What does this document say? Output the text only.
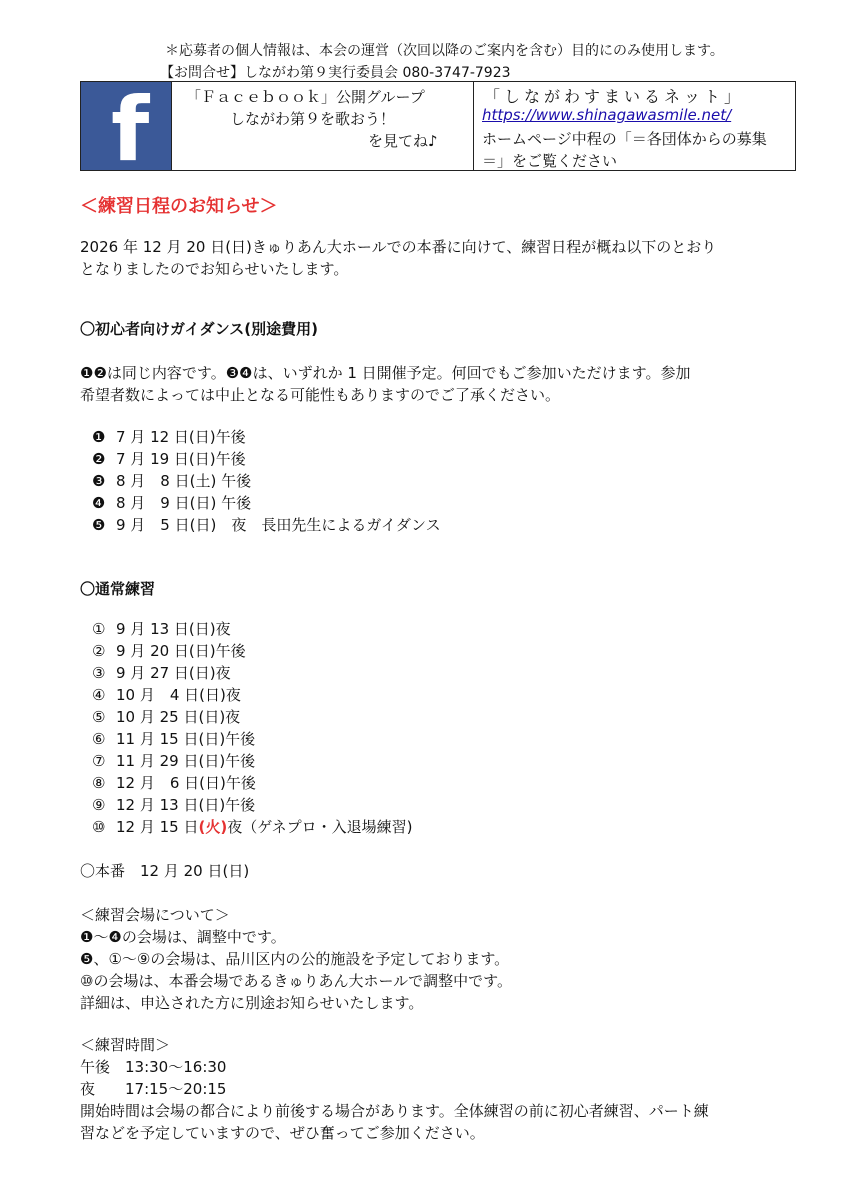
＊応募者の個人情報は、本会の運営（次回以降のご案内を含む）目的にのみ使用します。
【お問合せ】しながわ第９実行委員会 080-3747-7923
f 「Ｆａｃｅｂｏｏｋ」公開グループ
しながわ第９を歌おう！
を見てね♪
「しながわすまいるネット」
https://www.shinagawasmile.net/
ホームページ中程の「＝各団体からの募集
＝」をご覧ください
＜練習日程のお知らせ＞
2026 年 12 月 20 日(日)きゅりあん大ホールでの本番に向けて、練習日程が概ね以下のとおり
となりましたのでお知らせいたします。
〇初心者向けガイダンス(別途費用)
❶❷は同じ内容です。❸❹は、いずれか 1 日開催予定。何回でもご参加いただけます。参加
希望者数によっては中止となる可能性もありますのでご了承ください。
❶ 7 月 12 日(日)午後
❷ 7 月 19 日(日)午後
❸ 8 月　8 日(土) 午後
❹ 8 月　9 日(日) 午後
❺ 9 月　5 日(日)　夜　長田先生によるガイダンス
〇通常練習
① 9 月 13 日(日)夜
② 9 月 20 日(日)午後
③ 9 月 27 日(日)夜
④ 10 月　4 日(日)夜
⑤ 10 月 25 日(日)夜
⑥ 11 月 15 日(日)午後
⑦ 11 月 29 日(日)午後
⑧ 12 月　6 日(日)午後
⑨ 12 月 13 日(日)午後
⑩ 12 月 15 日(火)夜（ゲネプロ・入退場練習)
〇本番　12 月 20 日(日)
＜練習会場について＞
❶～❹の会場は、調整中です。
❺、①～⑨の会場は、品川区内の公的施設を予定しております。
⑩の会場は、本番会場であるきゅりあん大ホールで調整中です。
詳細は、申込された方に別途お知らせいたします。
＜練習時間＞
午後　13:30～16:30
夜　　17:15～20:15
開始時間は会場の都合により前後する場合があります。全体練習の前に初心者練習、パート練
習などを予定していますので、ぜひ奮ってご参加ください。
